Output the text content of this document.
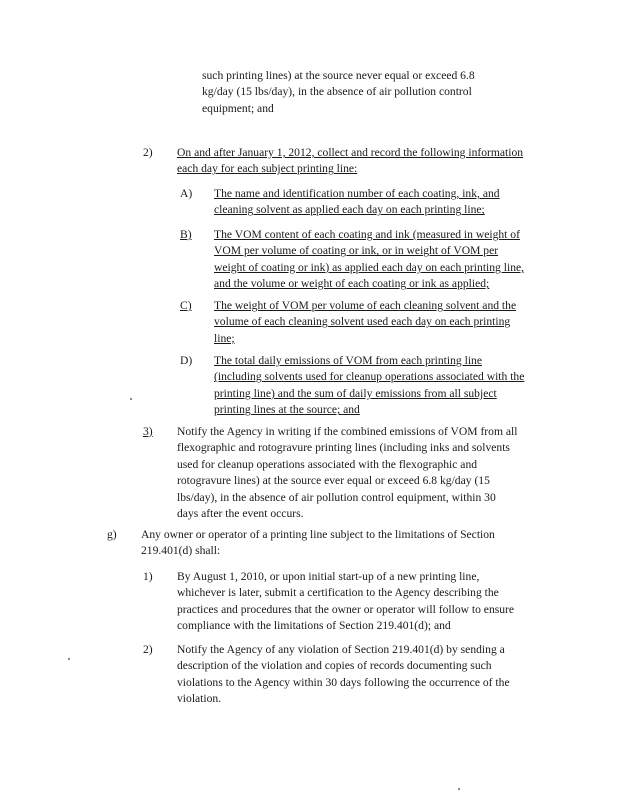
such printing lines) at the source never equal or exceed 6.8
kg/day (15 lbs/day), in the absence of air pollution control
equipment; and
2) On and after January 1, 2012, collect and record the following information
each day for each subject printing line:
A) The name and identification number of each coating, ink, and
cleaning solvent as applied each day on each printing line;
B) The VOM content of each coating and ink (measured in weight of
VOM per volume of coating or ink, or in weight of VOM per
weight of coating or ink) as applied each day on each printing line,
and the volume or weight of each coating or ink as applied;
C) The weight of VOM per volume of each cleaning solvent and the
volume of each cleaning solvent used each day on each printing
line;
D) The total daily emissions of VOM from each printing line
(including solvents used for cleanup operations associated with the
printing line) and the sum of daily emissions from all subject
printing lines at the source; and
3) Notify the Agency in writing if the combined emissions of VOM from all
flexographic and rotogravure printing lines (including inks and solvents
used for cleanup operations associated with the flexographic and
rotogravure lines) at the source ever equal or exceed 6.8 kg/day (15
lbs/day), in the absence of air pollution control equipment, within 30
days after the event occurs.
g) Any owner or operator of a printing line subject to the limitations of Section
219.401(d) shall:
1) By August 1, 2010, or upon initial start-up of a new printing line,
whichever is later, submit a certification to the Agency describing the
practices and procedures that the owner or operator will follow to ensure
compliance with the limitations of Section 219.401(d); and
2) Notify the Agency of any violation of Section 219.401(d) by sending a
description of the violation and copies of records documenting such
violations to the Agency within 30 days following the occurrence of the
violation.
